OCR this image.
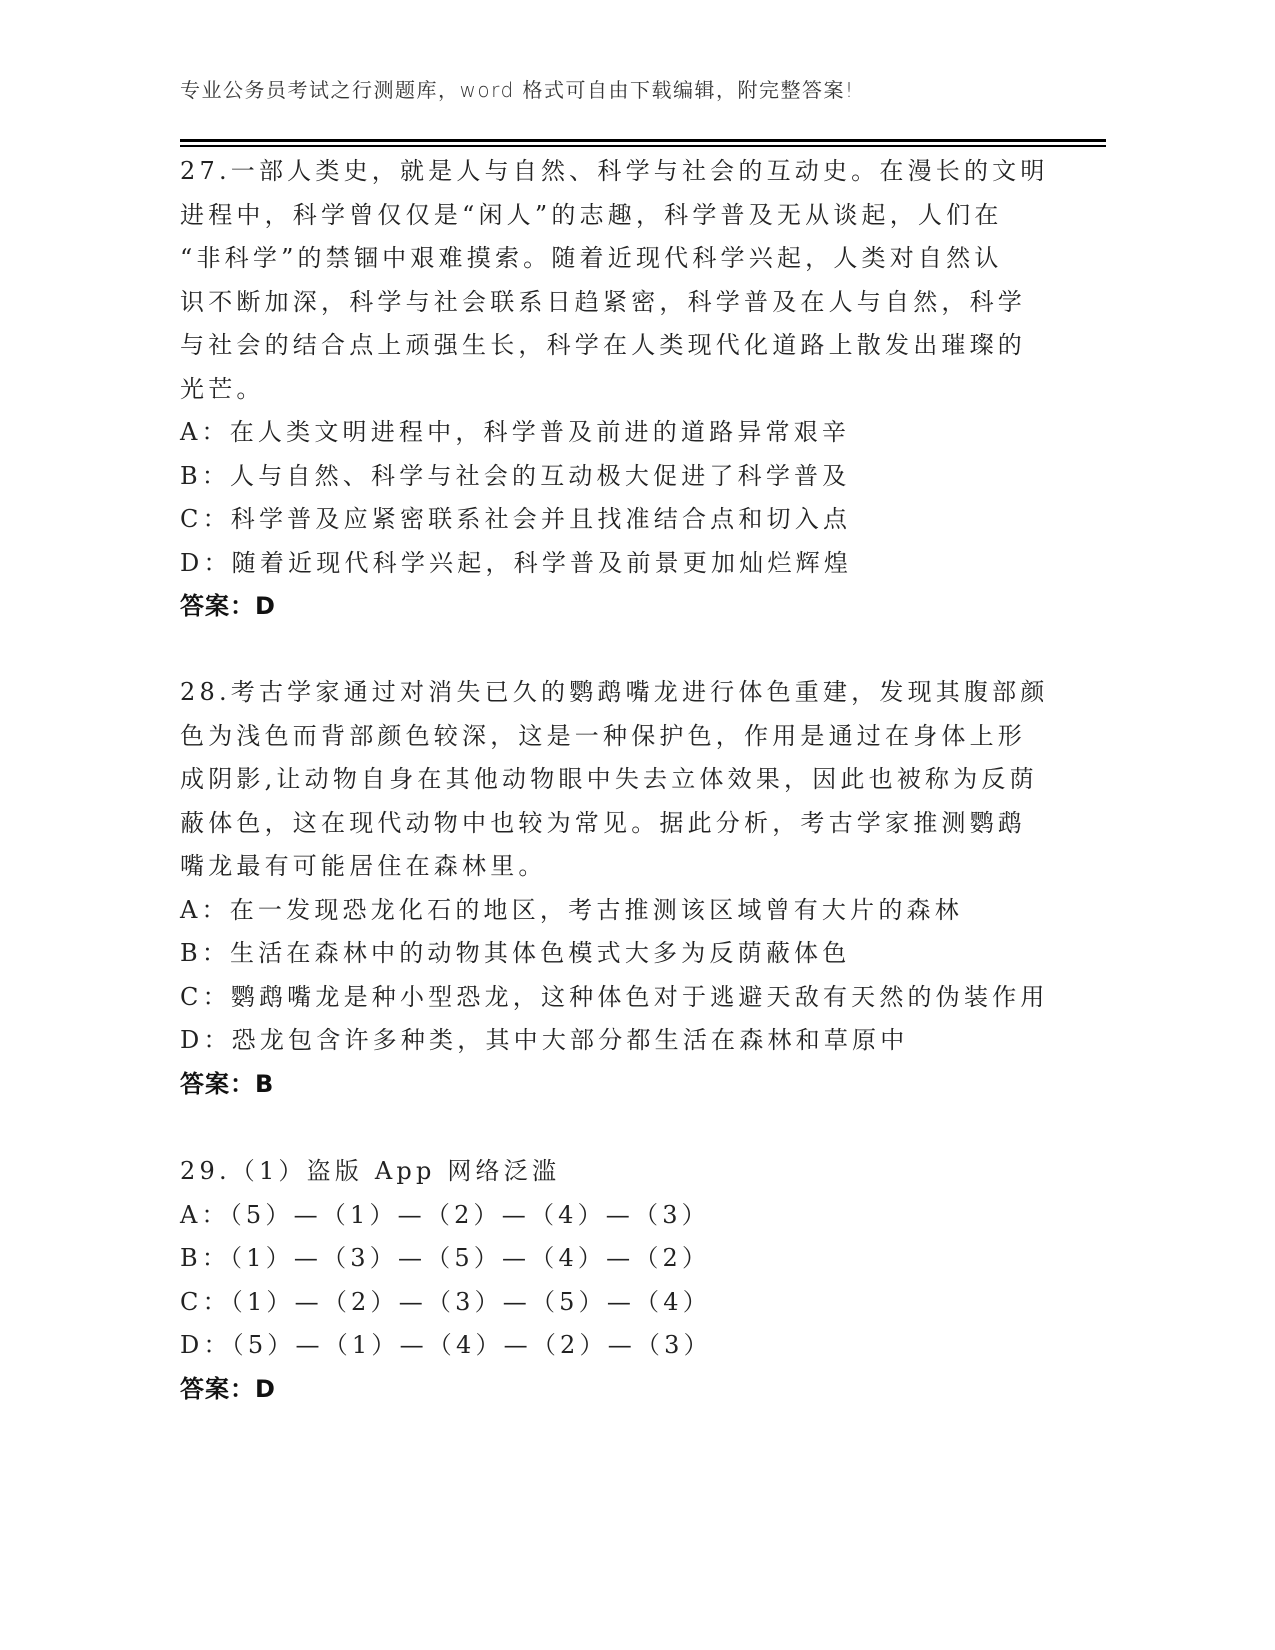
专业公务员考试之行测题库，word 格式可自由下载编辑，附完整答案!
27.一部人类史，就是人与自然、科学与社会的互动史。在漫长的文明
进程中，科学曾仅仅是“闲人”的志趣，科学普及无从谈起，人们在
“非科学”的禁锢中艰难摸索。随着近现代科学兴起，人类对自然认
识不断加深，科学与社会联系日趋紧密，科学普及在人与自然，科学
与社会的结合点上顽强生长，科学在人类现代化道路上散发出璀璨的
光芒。
A：在人类文明进程中，科学普及前进的道路异常艰辛
B：人与自然、科学与社会的互动极大促进了科学普及
C：科学普及应紧密联系社会并且找准结合点和切入点
D：随着近现代科学兴起，科学普及前景更加灿烂辉煌
答案：D
28.考古学家通过对消失已久的鹦鹉嘴龙进行体色重建，发现其腹部颜
色为浅色而背部颜色较深，这是一种保护色，作用是通过在身体上形
成阴影,让动物自身在其他动物眼中失去立体效果，因此也被称为反荫
蔽体色，这在现代动物中也较为常见。据此分析，考古学家推测鹦鹉
嘴龙最有可能居住在森林里。
A：在一发现恐龙化石的地区，考古推测该区域曾有大片的森林
B：生活在森林中的动物其体色模式大多为反荫蔽体色
C：鹦鹉嘴龙是种小型恐龙，这种体色对于逃避天敌有天然的伪装作用
D：恐龙包含许多种类，其中大部分都生活在森林和草原中
答案：B
29.（1）盗版 App 网络泛滥
A：（5）—（1）—（2）—（4）—（3）
B：（1）—（3）—（5）—（4）—（2）
C：（1）—（2）—（3）—（5）—（4）
D：（5）—（1）—（4）—（2）—（3）
答案：D
